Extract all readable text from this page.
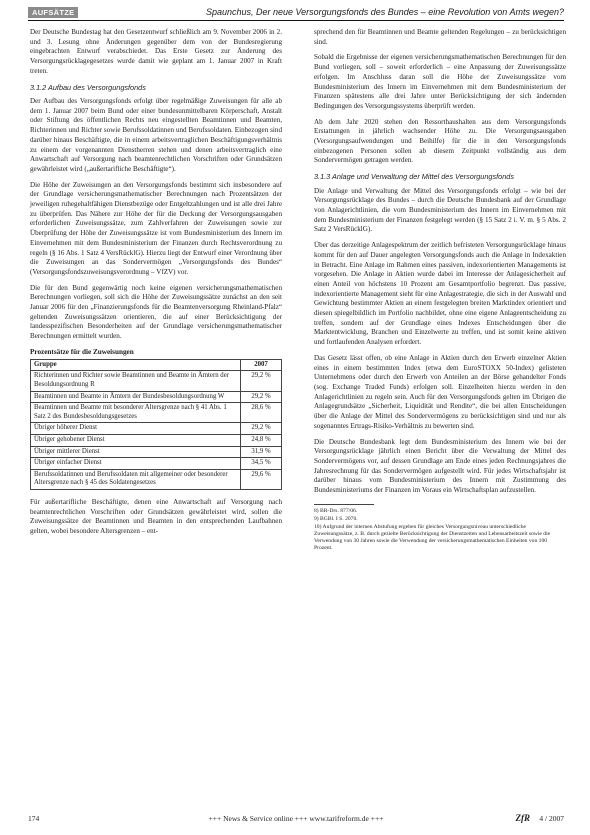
AUFSÄTZE	Spaunchus, Der neue Versorgungsfonds des Bundes – eine Revolution von Amts wegen?

Der Deutsche Bundestag hat den Gesetzentwurf schließlich am 9. November 2006 in 2. und 3. Lesung ohne Änderungen gegenüber dem von der Bundesregierung eingebrachten Entwurf verabschiedet. Das Erste Gesetz zur Änderung des Versorgungsrücklagegesetzes wurde damit wie geplant am 1. Januar 2007 in Kraft treten.

3.1.2 Aufbau des Versorgungsfonds

Der Aufbau des Versorgungsfonds erfolgt über regelmäßige Zuweisungen für alle ab dem 1. Januar 2007 beim Bund oder einer bundesunmittelbaren Körperschaft, Anstalt oder Stiftung des öffentlichen Rechts neu eingestellten Beamtinnen und Beamten, Richterinnen und Richter sowie Berufssoldatinnen und Berufssoldaten. Einbezogen sind darüber hinaus Beschäftigte, die in einem arbeitsvertraglichen Beschäftigungsverhältnis zu einem der vorgenannten Dienstherren stehen und denen arbeitsvertraglich eine Anwartschaft auf Versorgung nach beamtenrechtlichen Vorschriften oder Grundsätzen gewährleistet wird („außertarifliche Beschäftigte“).

Die Höhe der Zuweisungen an den Versorgungsfonds bestimmt sich insbesondere auf der Grundlage versicherungsmathematischer Berechnungen nach Prozentsätzen der jeweiligen ruhegehaltfähigen Dienstbezüge oder Entgeltzahlungen und ist alle drei Jahre zu überprüfen. Das Nähere zur Höhe der für die Deckung der Versorgungsausgaben erforderlichen Zuweisungssätze, zum Zahlverfahren der Zuweisungen sowie zur Überprüfung der Höhe der Zuweisungssätze ist vom Bundesministerium des Innern im Einvernehmen mit dem Bundesministerium der Finanzen durch Rechtsverordnung zu regeln (§ 16 Abs. 1 Satz 4 VersRücklG). Hierzu liegt der Entwurf einer Verordnung über die Zuweisungen an das Sondervermögen „Versorgungsfonds des Bundes“ (Versorgungsfondszuweisungsverordnung – VfZV) vor.

Die für den Bund gegenwärtig noch keine eigenen versicherungsmathematischen Berechnungen vorliegen, soll sich die Höhe der Zuweisungssätze zunächst an den seit Januar 2006 für den „Finanzierungsfonds für die Beamtenversorgung Rheinland-Pfalz“ geltenden Zuweisungssätzen orientieren, die auf einer Berücksichtigung der landesspezifischen Besonderheiten auf der Grundlage versicherungsmathematischer Berechnungen ermittelt wurden.

Prozentsätze für die Zuweisungen
Gruppe	2007
Richterinnen und Richter sowie Beamtinnen und Beamte in Ämtern der Besoldungsordnung R	29,2 %
Beamtinnen und Beamte in Ämtern der Bundesbesoldungsordnung W	29,2 %
Beamtinnen und Beamte mit besonderer Altersgrenze nach § 41 Abs. 1 Satz 2 des Bundesbesoldungsgesetzes	28,6 %
Übriger höherer Dienst	29,2 %
Übriger gehobener Dienst	24,8 %
Übriger mittlerer Dienst	31,9 %
Übriger einfacher Dienst	34,5 %
Berufssoldatinnen und Berufssoldaten mit allgemeiner oder besonderer Altersgrenze nach § 45 des Soldatengesetzes	29,6 %

Für außertarifliche Beschäftigte, denen eine Anwartschaft auf Versorgung nach beamtenrechtlichen Vorschriften oder Grundsätzen gewährleistet wird, sollen die Zuweisungssätze der Beamtinnen und Beamten in den entsprechenden Laufbahnen gelten, wobei besondere Altersgrenzen – ent-

sprechend den für Beamtinnen und Beamte geltenden Regelungen – zu berücksichtigen sind.

Sobald die Ergebnisse der eigenen versicherungsmathematischen Berechnungen für den Bund vorliegen, soll – soweit erforderlich – eine Anpassung der Zuweisungssätze erfolgen. Im Anschluss daran soll die Höhe der Zuweisungssätze vom Bundesministerium des Innern im Einvernehmen mit dem Bundesministerium der Finanzen spätestens alle drei Jahre unter Berücksichtigung der sich ändernden Bedingungen des Versorgungssystems überprüft werden.

Ab dem Jahr 2020 stehen den Ressorthaushalten aus dem Versorgungsfonds Erstattungen in jährlich wachsender Höhe zu. Die Versorgungsausgaben (Versorgungsaufwendungen und Beihilfe) für die in den Versorgungsfonds einbezogenen Personen sollen ab diesem Zeitpunkt vollständig aus dem Sondervermögen getragen werden.

3.1.3 Anlage und Verwaltung der Mittel des Versorgungsfonds

Die Anlage und Verwaltung der Mittel des Versorgungsfonds erfolgt – wie bei der Versorgungsrücklage des Bundes – durch die Deutsche Bundesbank auf der Grundlage von Anlagerichtlinien, die vom Bundesministerium des Innern im Einvernehmen mit dem Bundesministerium der Finanzen festgelegt werden (§ 15 Satz 2 i. V. m. § 5 Abs. 2 Satz 2 VersRücklG).

Über das derzeitige Anlagespektrum der zeitlich befristeten Versorgungsrücklage hinaus kommt für den auf Dauer angelegten Versorgungsfonds auch die Anlage in Indexaktien in Betracht. Eine Anlage im Rahmen eines passiven, indexorientierten Managements ist vorgesehen. Die Anlage in Aktien wurde dabei im Interesse der Anlagesicherheit auf einen Anteil von höchstens 10 Prozent am Gesamtportfolio begrenzt. Das passive, indexorientierte Management sieht für eine Anlagestrategie, die sich in der Auswahl und Gewichtung bestimmter Aktien an einem festgelegten breiten Marktindex orientiert und diesen spiegelbildlich im Portfolio nachbildet, ohne eine eigene Anlageentscheidung zu treffen, sondern auf der Grundlage eines Indexes Entscheidungen über die Marktentwicklung, Branchen und Einzelwerte zu treffen, und ist somit keine aktiven und fortlaufenden Analysen erfordert.

Das Gesetz lässt offen, ob eine Anlage in Aktien durch den Erwerb einzelner Aktien eines in einem bestimmten Index (etwa dem EuroSTOXX 50-Index) gelisteten Unternehmens oder durch den Erwerb von Anteilen an der Börse gehandelter Fonds (sog. Exchange Traded Funds) erfolgen soll. Einzelheiten hierzu werden in den Anlagerichtlinien zu regeln sein. Auch für den Versorgungsfonds gelten im Übrigen die Anlagegrundsätze „Sicherheit, Liquidität und Rendite“, die bei allen Entscheidungen über die Anlage der Mittel des Sondervermögens zu berücksichtigen sind und nur als sogenanntes Ertrags-Risiko-Verhältnis zu bewerten sind.

Die Deutsche Bundesbank legt dem Bundesministerium des Innern wie bei der Versorgungsrücklage jährlich einen Bericht über die Verwaltung der Mittel des Sondervermögens vor, auf dessen Grundlage am Ende eines jeden Rechnungsjahres die Jahresrechnung für das Sondervermögen aufgestellt wird. Für jedes Wirtschaftsjahr ist darüber hinaus vom Bundesministerium des Innern mit Zustimmung des Bundesministeriums der Finanzen im Voraus ein Wirtschaftsplan aufzustellen.

8) BR-Drs. 877/06.

9) BGBl. I S. 2070.

10) Aufgrund der internen Abstufung ergeben für gleiches Versorgungsniveau unterschiedliche Zuweisungssätze, z. B. durch gezielte Berücksichtigung der Dienstzeiten und Lebensarbeitszeit sowie die Verwendung von 30 Jahren sowie die Verwendung der versicherungsmathematischen Einheiten von 100 Prozent.

174	+++ News & Service online +++ www.tarifreform.de +++	ZfR 4 / 2007
